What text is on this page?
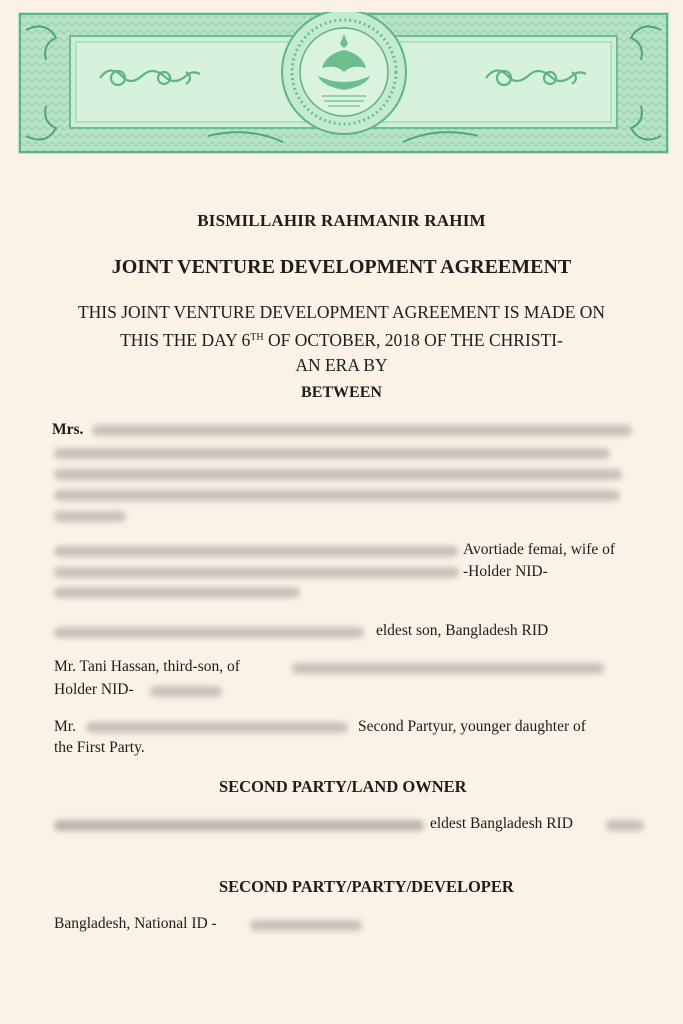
BISMILLAHIR RAHMANIR RAHIM
JOINT VENTURE DEVELOPMENT AGREEMENT
THIS JOINT VENTURE DEVELOPMENT AGREEMENT IS MADE ON
THIS THE DAY 6TH OF OCTOBER, 2018 OF THE CHRISTI-
AN ERA BY
BETWEEN
Mrs.
Avortiade femai, wife of
-Holder NID-
eldest son, Bangladesh RID
Mr. Tani Hassan, third-son, of
Holder NID-
Mr.	Second Partyur, younger daughter of
the First Party.
SECOND PARTY/LAND OWNER
eldest Bangladesh RID
SECOND PARTY/PARTY/DEVELOPER
Bangladesh, National ID -
